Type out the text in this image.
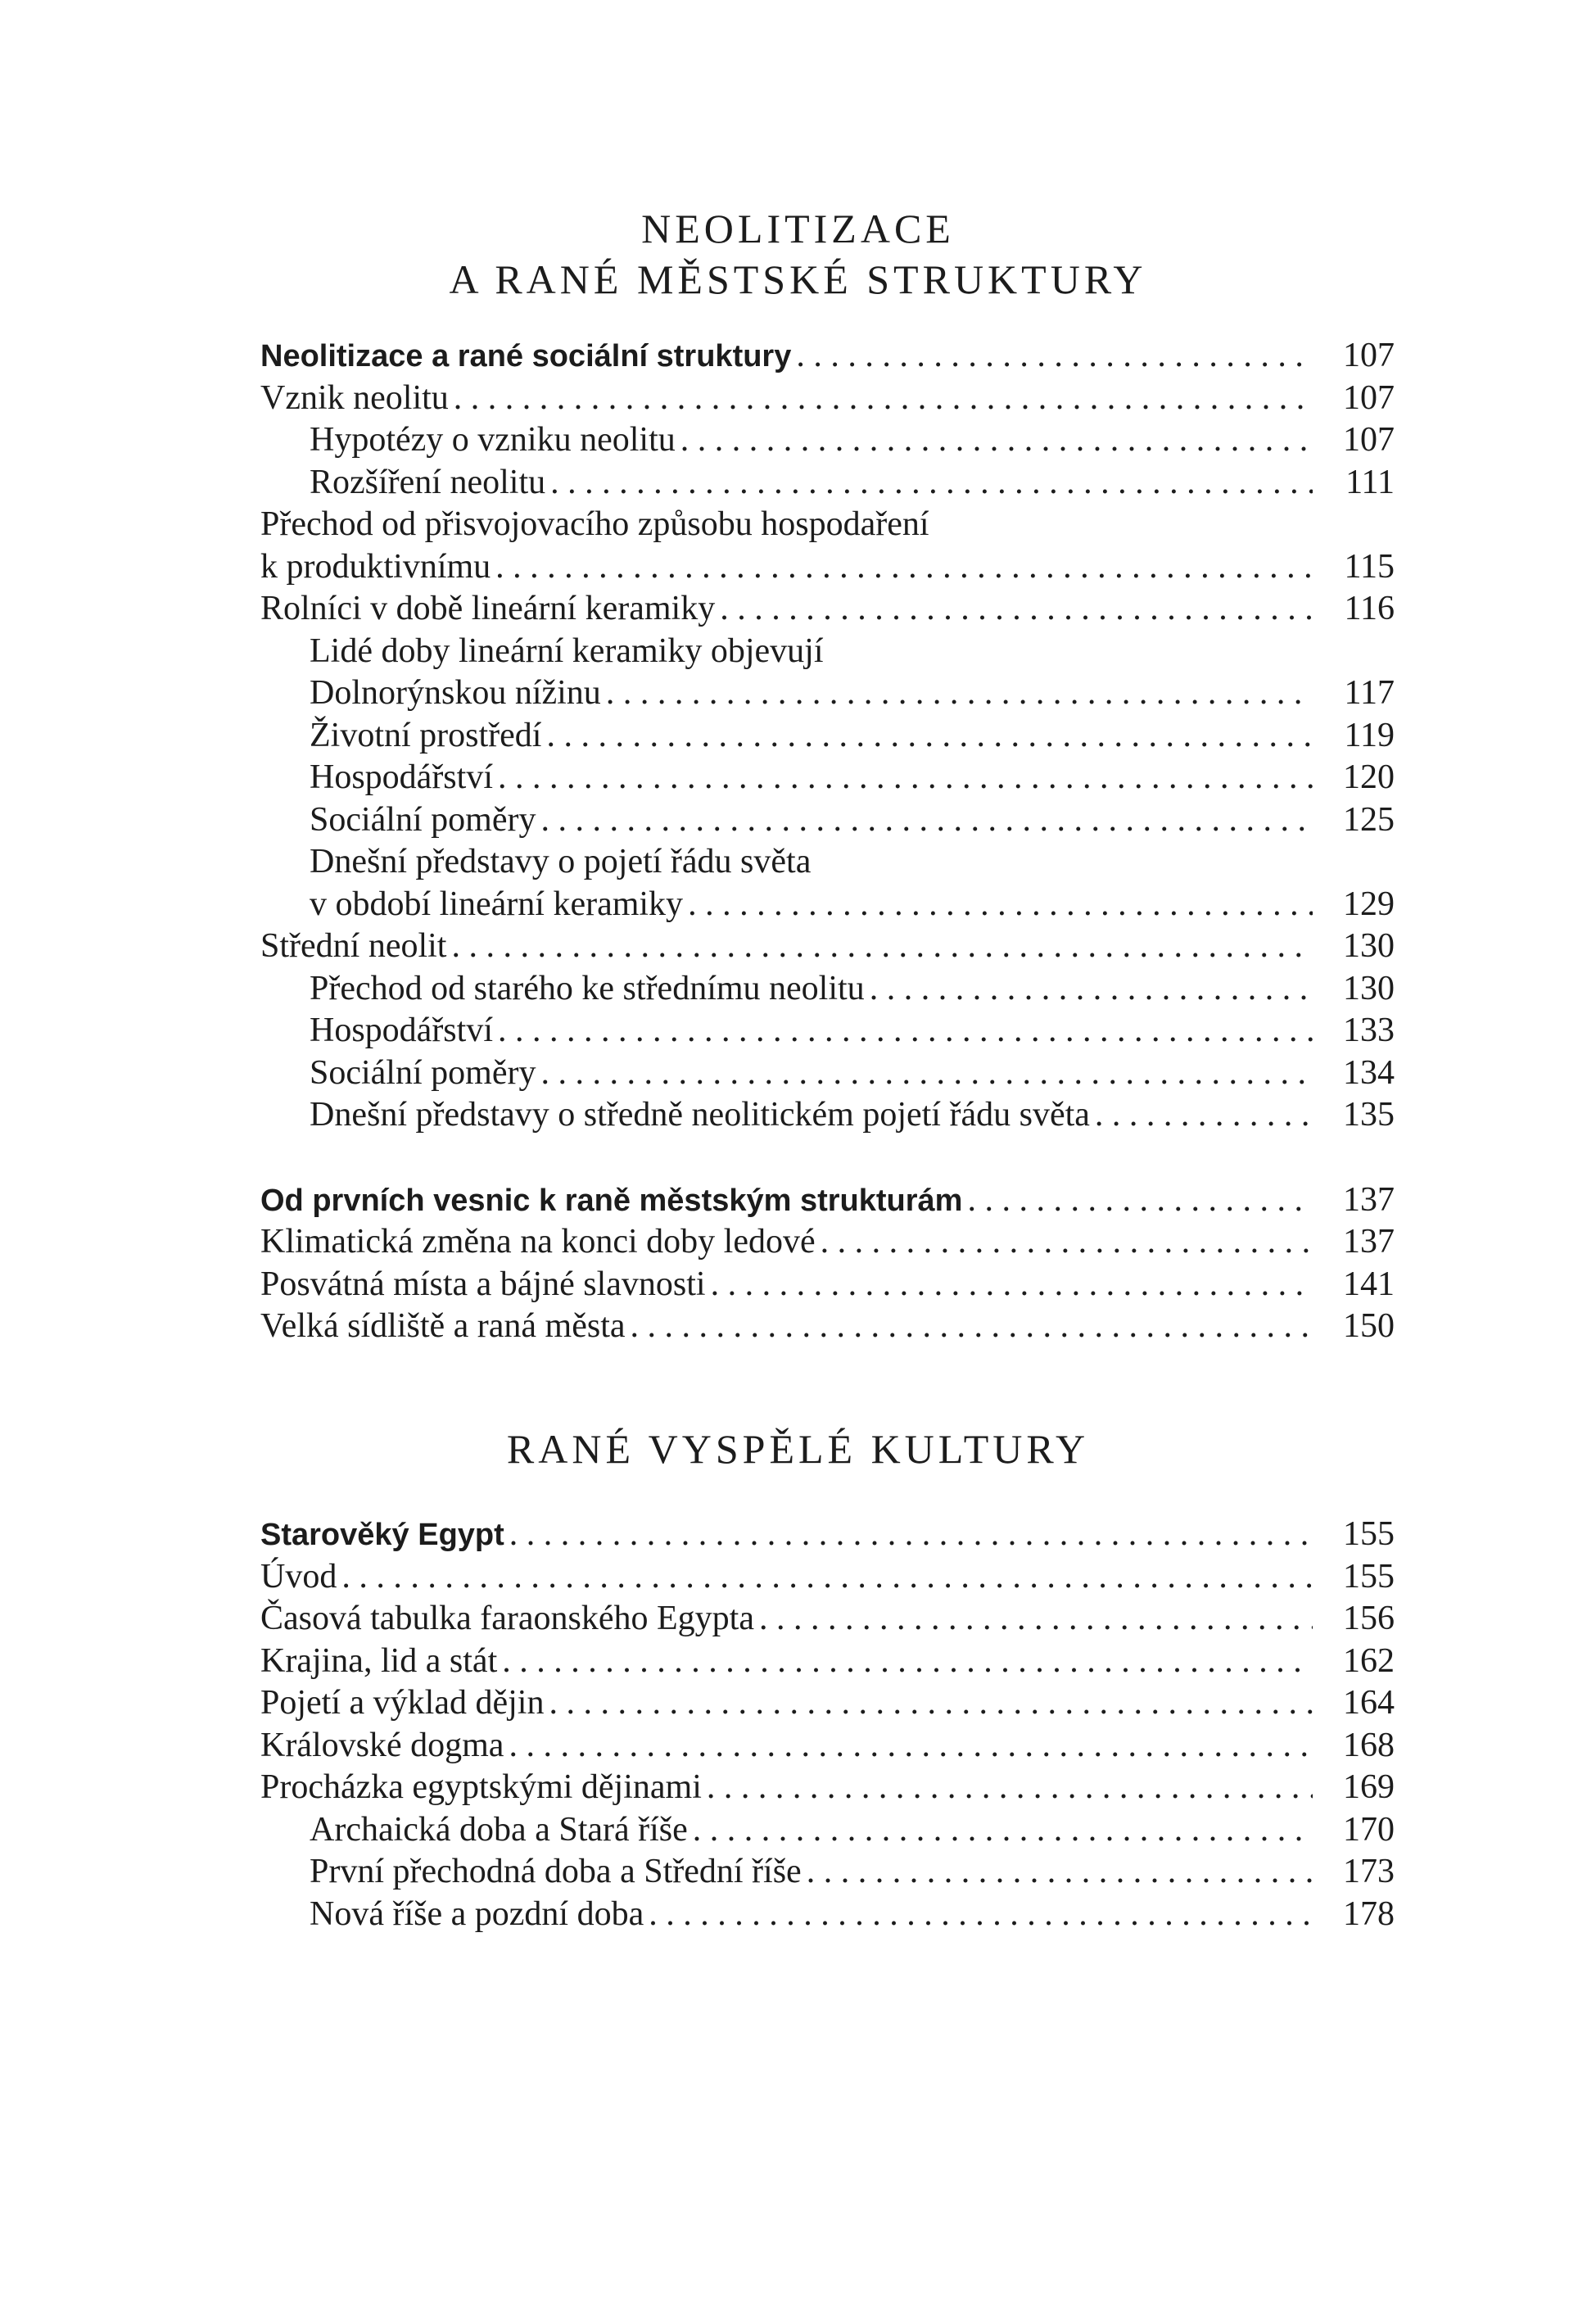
NEOLITIZACE
A RANÉ MĚSTSKÉ STRUKTURY
Neolitizace a rané sociální struktury . . .	107
Vznik neolitu . . .	107
Hypotézy o vzniku neolitu . . .	107
Rozšíření neolitu . . .	111
Přechod od přisvojovacího způsobu hospodaření
k produktivnímu . . .	115
Rolníci v době lineární keramiky . . .	116
Lidé doby lineární keramiky objevují
Dolnorýnskou nížinu . . .	117
Životní prostředí . . .	119
Hospodářství . . .	120
Sociální poměry . . .	125
Dnešní představy o pojetí řádu světa
v období lineární keramiky . . .	129
Střední neolit . . .	130
Přechod od starého ke střednímu neolitu . . .	130
Hospodářství . . .	133
Sociální poměry . . .	134
Dnešní představy o středně neolitickém pojetí řádu světa . . .	135
Od prvních vesnic k raně městským strukturám . . .	137
Klimatická změna na konci doby ledové . . .	137
Posvátná místa a bájné slavnosti . . .	141
Velká sídliště a raná města . . .	150
RANÉ VYSPĚLÉ KULTURY
Starověký Egypt . . .	155
Úvod . . .	155
Časová tabulka faraonského Egypta . . .	156
Krajina, lid a stát . . .	162
Pojetí a výklad dějin . . .	164
Královské dogma . . .	168
Procházka egyptskými dějinami . . .	169
Archaická doba a Stará říše . . .	170
První přechodná doba a Střední říše . . .	173
Nová říše a pozdní doba . . .	178
